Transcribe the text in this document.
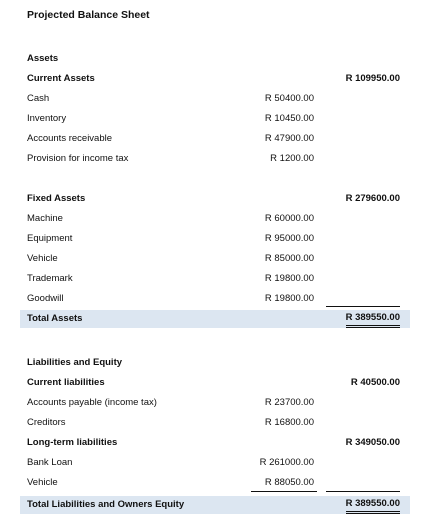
Projected Balance Sheet
Assets
Current Assets	R 109950.00
Cash	R 50400.00
Inventory	R 10450.00
Accounts receivable	R 47900.00
Provision for income tax	R 1200.00
Fixed Assets	R 279600.00
Machine	R 60000.00
Equipment	R 95000.00
Vehicle	R 85000.00
Trademark	R 19800.00
Goodwill	R 19800.00
Total Assets	R 389550.00
Liabilities and Equity
Current liabilities	R 40500.00
Accounts payable (income tax)	R 23700.00
Creditors	R 16800.00
Long-term liabilities	R 349050.00
Bank Loan	R 261000.00
Vehicle	R 88050.00
Total Liabilities and Owners Equity	R 389550.00
